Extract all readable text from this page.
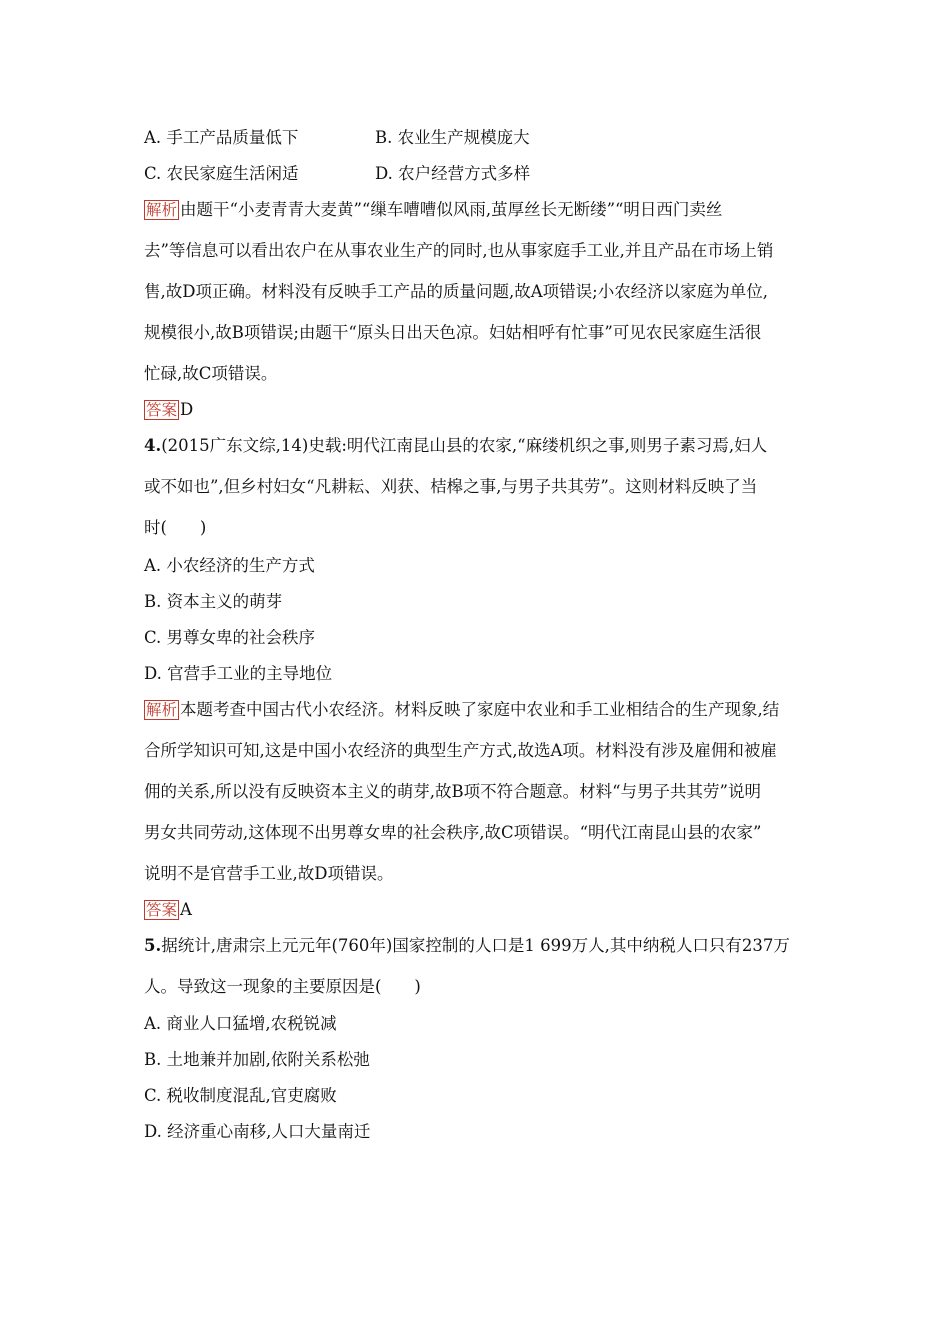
A. 手工产品质量低下	B. 农业生产规模庞大
C. 农民家庭生活闲适	D. 农户经营方式多样
解析 由题干“小麦青青大麦黄”“缫车嘈嘈似风雨,茧厚丝长无断缕”“明日西门卖丝
去”等信息可以看出农户在从事农业生产的同时,也从事家庭手工业,并且产品在市场上销
售,故D项正确。材料没有反映手工产品的质量问题,故A项错误;小农经济以家庭为单位,
规模很小,故B项错误;由题干“原头日出天色凉。妇姑相呼有忙事”可见农民家庭生活很
忙碌,故C项错误。
答案 D
4.(2015广东文综,14)史载:明代江南昆山县的农家,“麻缕机织之事,则男子素习焉,妇人
或不如也”,但乡村妇女“凡耕耘、刈获、桔槔之事,与男子共其劳”。这则材料反映了当
时(　　)
A. 小农经济的生产方式
B. 资本主义的萌芽
C. 男尊女卑的社会秩序
D. 官营手工业的主导地位
解析 本题考查中国古代小农经济。材料反映了家庭中农业和手工业相结合的生产现象,结
合所学知识可知,这是中国小农经济的典型生产方式,故选A项。材料没有涉及雇佣和被雇
佣的关系,所以没有反映资本主义的萌芽,故B项不符合题意。材料“与男子共其劳”说明
男女共同劳动,这体现不出男尊女卑的社会秩序,故C项错误。“明代江南昆山县的农家”
说明不是官营手工业,故D项错误。
答案 A
5.据统计,唐肃宗上元元年(760年)国家控制的人口是1 699万人,其中纳税人口只有237万
人。导致这一现象的主要原因是(　　)
A. 商业人口猛增,农税锐减
B. 土地兼并加剧,依附关系松弛
C. 税收制度混乱,官吏腐败
D. 经济重心南移,人口大量南迁
